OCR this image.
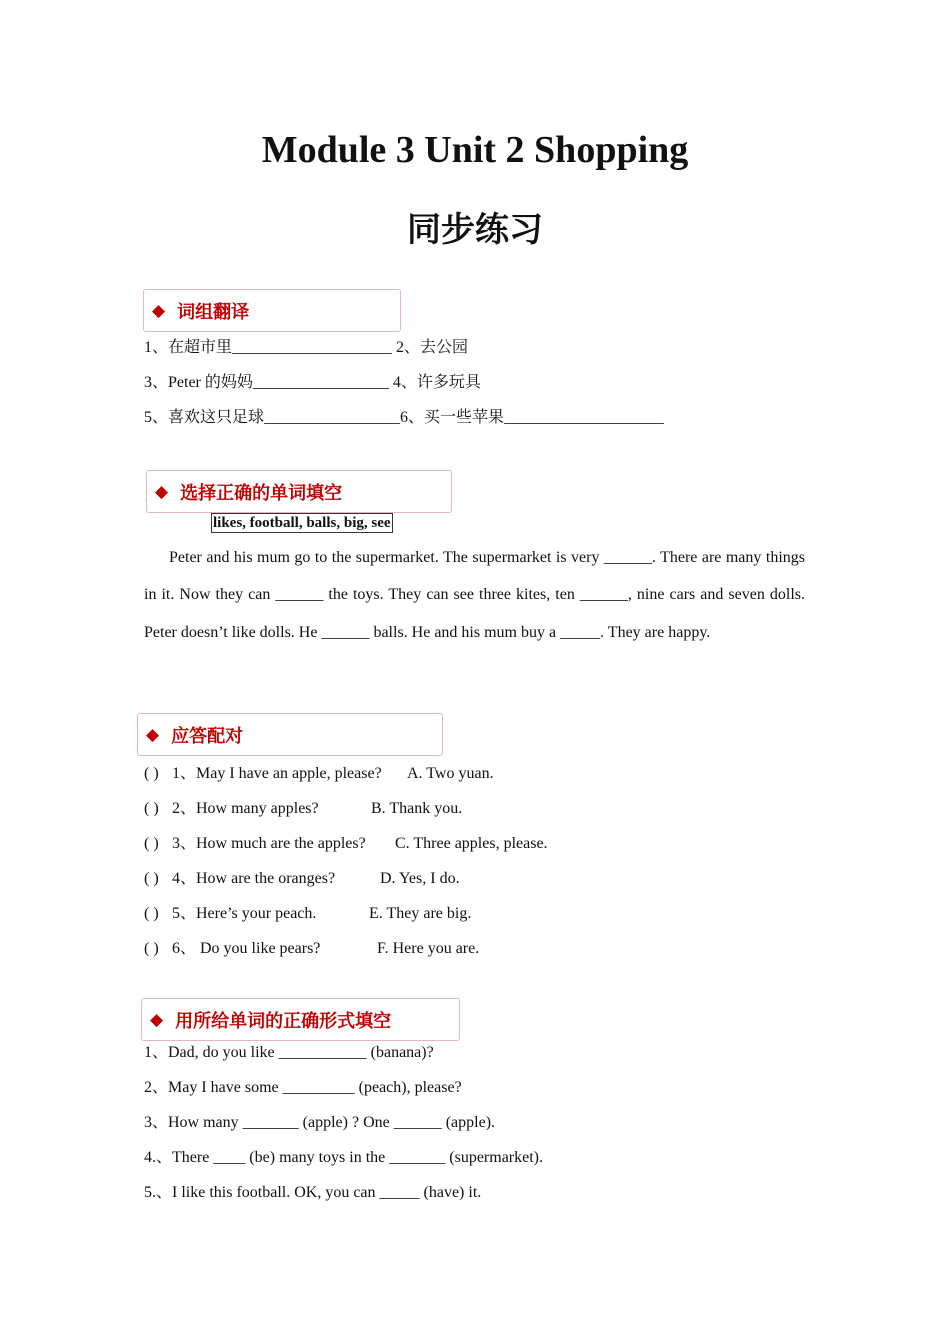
Module 3 Unit 2 Shopping
同步练习
◆ 词组翻译
1、在超市里____________________ 2、去公园
3、Peter 的妈妈_________________ 4、许多玩具
5、喜欢这只足球_________________6、买一些苹果____________________
◆ 选择正确的单词填空
likes, football, balls, big, see

Peter and his mum go to the supermarket. The supermarket is very ______. There are many things in it. Now they can ______ the toys. They can see three kites, ten ______, nine cars and seven dolls. Peter doesn’t like dolls. He ______ balls. He and his mum buy a _____. They are happy.

◆ 应答配对
( ) 1、May I have an apple, please? A. Two yuan.
( ) 2、How many apples?	B. Thank you.
( ) 3、How much are the apples? C. Three apples, please.
( ) 4、How are the oranges?	D. Yes, I do.
( ) 5、Here’s your peach.	E. They are big.
( ) 6、 Do you like pears?	F. Here you are.
◆ 用所给单词的正确形式填空
1、Dad, do you like ___________ (banana)?
2、May I have some _________ (peach), please?
3、How many _______ (apple) ? One ______ (apple).
4.、There ____ (be) many toys in the _______ (supermarket).
5.、I like this football. OK, you can _____ (have) it.
